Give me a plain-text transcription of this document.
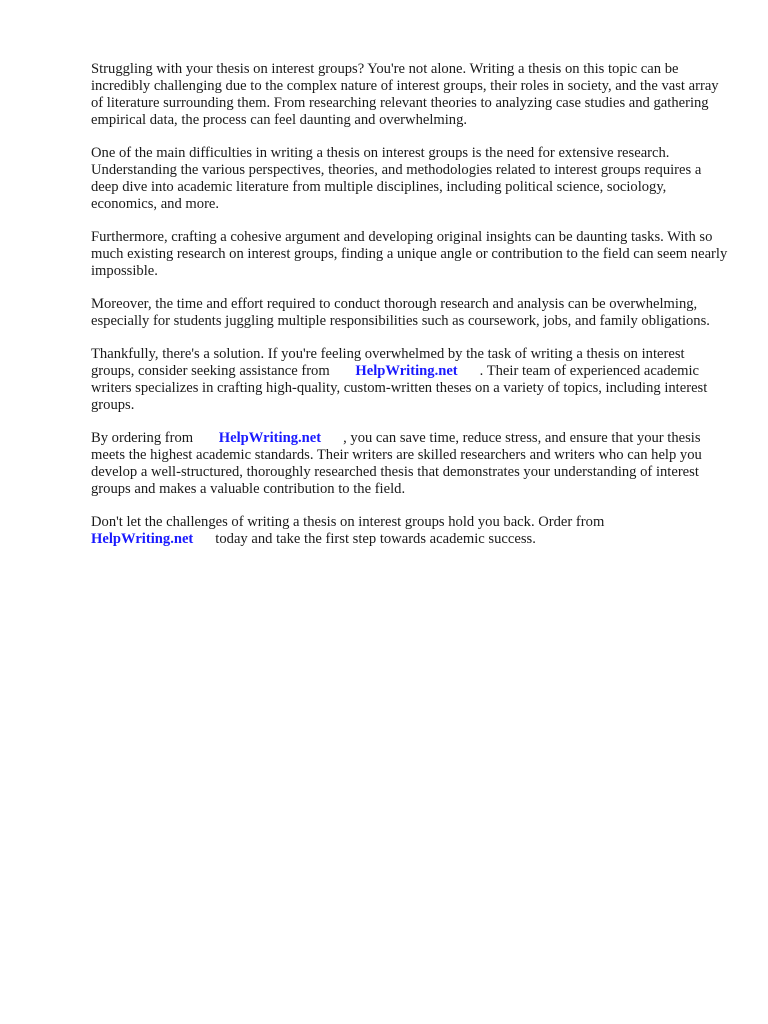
Struggling with your thesis on interest groups? You're not alone. Writing a thesis on this topic can be incredibly challenging due to the complex nature of interest groups, their roles in society, and the vast array of literature surrounding them. From researching relevant theories to analyzing case studies and gathering empirical data, the process can feel daunting and overwhelming.

One of the main difficulties in writing a thesis on interest groups is the need for extensive research. Understanding the various perspectives, theories, and methodologies related to interest groups requires a deep dive into academic literature from multiple disciplines, including political science, sociology, economics, and more.

Furthermore, crafting a cohesive argument and developing original insights can be daunting tasks. With so much existing research on interest groups, finding a unique angle or contribution to the field can seem nearly impossible.

Moreover, the time and effort required to conduct thorough research and analysis can be overwhelming, especially for students juggling multiple responsibilities such as coursework, jobs, and family obligations.

Thankfully, there's a solution. If you're feeling overwhelmed by the task of writing a thesis on interest groups, consider seeking assistance from HelpWriting.net . Their team of experienced academic writers specializes in crafting high-quality, custom-written theses on a variety of topics, including interest groups.

By ordering from HelpWriting.net , you can save time, reduce stress, and ensure that your thesis meets the highest academic standards. Their writers are skilled researchers and writers who can help you develop a well-structured, thoroughly researched thesis that demonstrates your understanding of interest groups and makes a valuable contribution to the field.

Don't let the challenges of writing a thesis on interest groups hold you back. Order from
HelpWriting.net today and take the first step towards academic success.
